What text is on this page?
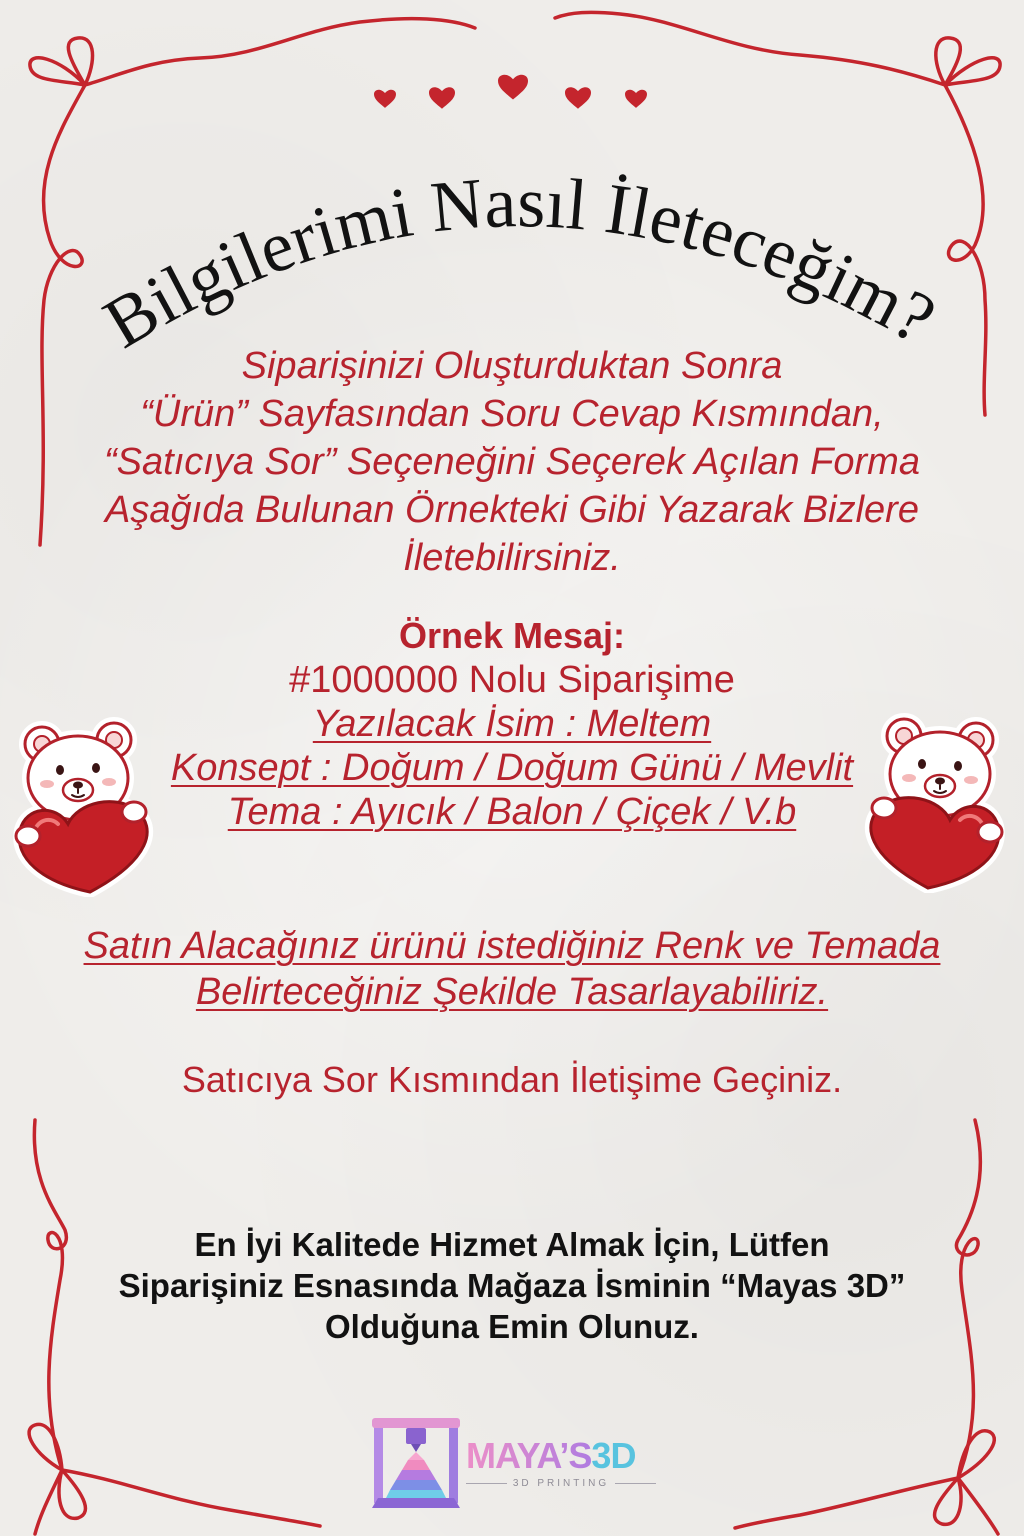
Bilgilerimi Nasıl İleteceğim?
Siparişinizi Oluşturduktan Sonra
“Ürün” Sayfasından Soru Cevap Kısmından,
“Satıcıya Sor” Seçeneğini Seçerek Açılan Forma
Aşağıda Bulunan Örnekteki Gibi Yazarak Bizlere
İletebilirsiniz.
Örnek Mesaj:
#1000000 Nolu Siparişime
Yazılacak İsim : Meltem
Konsept : Doğum / Doğum Günü / Mevlit
Tema : Ayıcık / Balon / Çiçek / V.b
Satın Alacağınız ürünü istediğiniz Renk ve Temada
Belirteceğiniz Şekilde Tasarlayabiliriz.
Satıcıya Sor Kısmından İletişime Geçiniz.
En İyi Kalitede Hizmet Almak İçin, Lütfen
Siparişiniz Esnasında Mağaza İsminin “Mayas 3D”
Olduğuna Emin Olunuz.
MAYA’S3D
3D PRINTING
